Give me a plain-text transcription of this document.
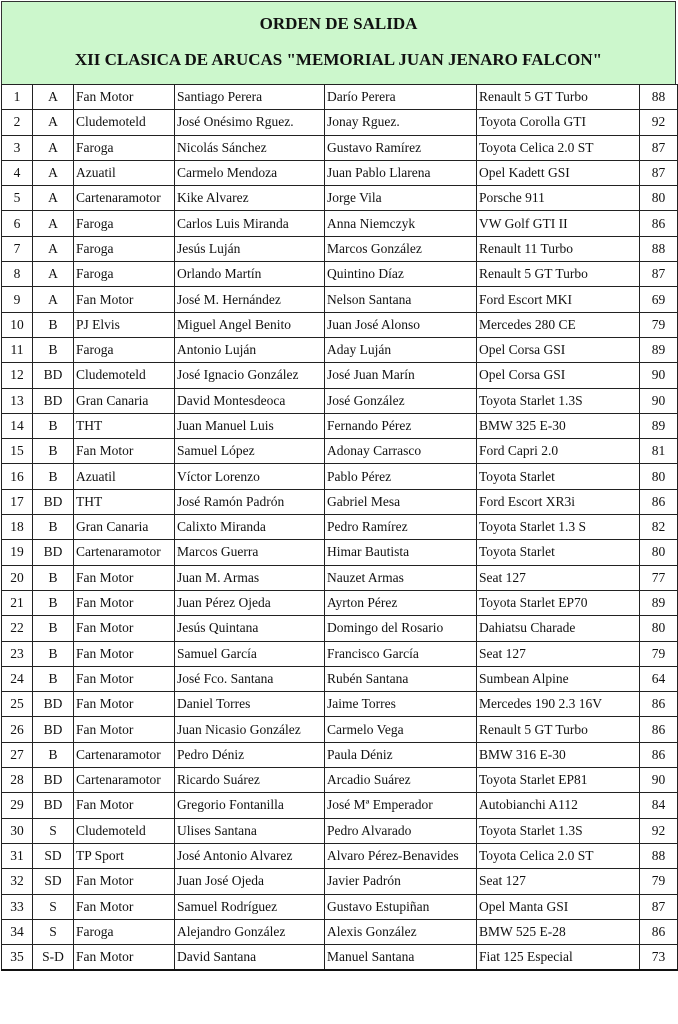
ORDEN DE SALIDA
XII CLASICA DE ARUCAS "MEMORIAL JUAN JENARO FALCON"
1	A	Fan Motor	Santiago Perera	Darío Perera	Renault 5 GT Turbo	88
2	A	Cludemoteld	José Onésimo Rguez.	Jonay Rguez.	Toyota Corolla GTI	92
3	A	Faroga	Nicolás Sánchez	Gustavo Ramírez	Toyota Celica 2.0 ST	87
4	A	Azuatil	Carmelo Mendoza	Juan Pablo Llarena	Opel Kadett GSI	87
5	A	Cartenaramotor	Kike Alvarez	Jorge Vila	Porsche 911	80
6	A	Faroga	Carlos Luis Miranda	Anna Niemczyk	VW Golf GTI II	86
7	A	Faroga	Jesús Luján	Marcos González	Renault 11 Turbo	88
8	A	Faroga	Orlando Martín	Quintino Díaz	Renault 5 GT Turbo	87
9	A	Fan Motor	José M. Hernández	Nelson Santana	Ford Escort MKI	69
10	B	PJ Elvis	Miguel Angel Benito	Juan José Alonso	Mercedes 280 CE	79
11	B	Faroga	Antonio Luján	Aday Luján	Opel Corsa GSI	89
12	BD	Cludemoteld	José Ignacio González	José Juan Marín	Opel Corsa GSI	90
13	BD	Gran Canaria	David Montesdeoca	José González	Toyota Starlet 1.3S	90
14	B	THT	Juan Manuel Luis	Fernando Pérez	BMW 325 E-30	89
15	B	Fan Motor	Samuel López	Adonay Carrasco	Ford Capri 2.0	81
16	B	Azuatil	Víctor Lorenzo	Pablo Pérez	Toyota Starlet	80
17	BD	THT	José Ramón Padrón	Gabriel Mesa	Ford Escort XR3i	86
18	B	Gran Canaria	Calixto Miranda	Pedro Ramírez	Toyota Starlet 1.3 S	82
19	BD	Cartenaramotor	Marcos Guerra	Himar Bautista	Toyota Starlet	80
20	B	Fan Motor	Juan M. Armas	Nauzet Armas	Seat 127	77
21	B	Fan Motor	Juan Pérez Ojeda	Ayrton Pérez	Toyota Starlet EP70	89
22	B	Fan Motor	Jesús Quintana	Domingo del Rosario	Dahiatsu Charade	80
23	B	Fan Motor	Samuel García	Francisco García	Seat 127	79
24	B	Fan Motor	José Fco. Santana	Rubén Santana	Sumbean Alpine	64
25	BD	Fan Motor	Daniel Torres	Jaime Torres	Mercedes 190 2.3 16V	86
26	BD	Fan Motor	Juan Nicasio González	Carmelo Vega	Renault 5 GT Turbo	86
27	B	Cartenaramotor	Pedro Déniz	Paula Déniz	BMW 316 E-30	86
28	BD	Cartenaramotor	Ricardo Suárez	Arcadio Suárez	Toyota Starlet EP81	90
29	BD	Fan Motor	Gregorio Fontanilla	José Mª Emperador	Autobianchi A112	84
30	S	Cludemoteld	Ulises Santana	Pedro Alvarado	Toyota Starlet 1.3S	92
31	SD	TP Sport	José Antonio Alvarez	Alvaro Pérez-Benavides	Toyota Celica 2.0 ST	88
32	SD	Fan Motor	Juan José Ojeda	Javier Padrón	Seat 127	79
33	S	Fan Motor	Samuel Rodríguez	Gustavo Estupiñan	Opel Manta GSI	87
34	S	Faroga	Alejandro González	Alexis González	BMW 525 E-28	86
35	S-D	Fan Motor	David Santana	Manuel Santana	Fiat 125 Especial	73
